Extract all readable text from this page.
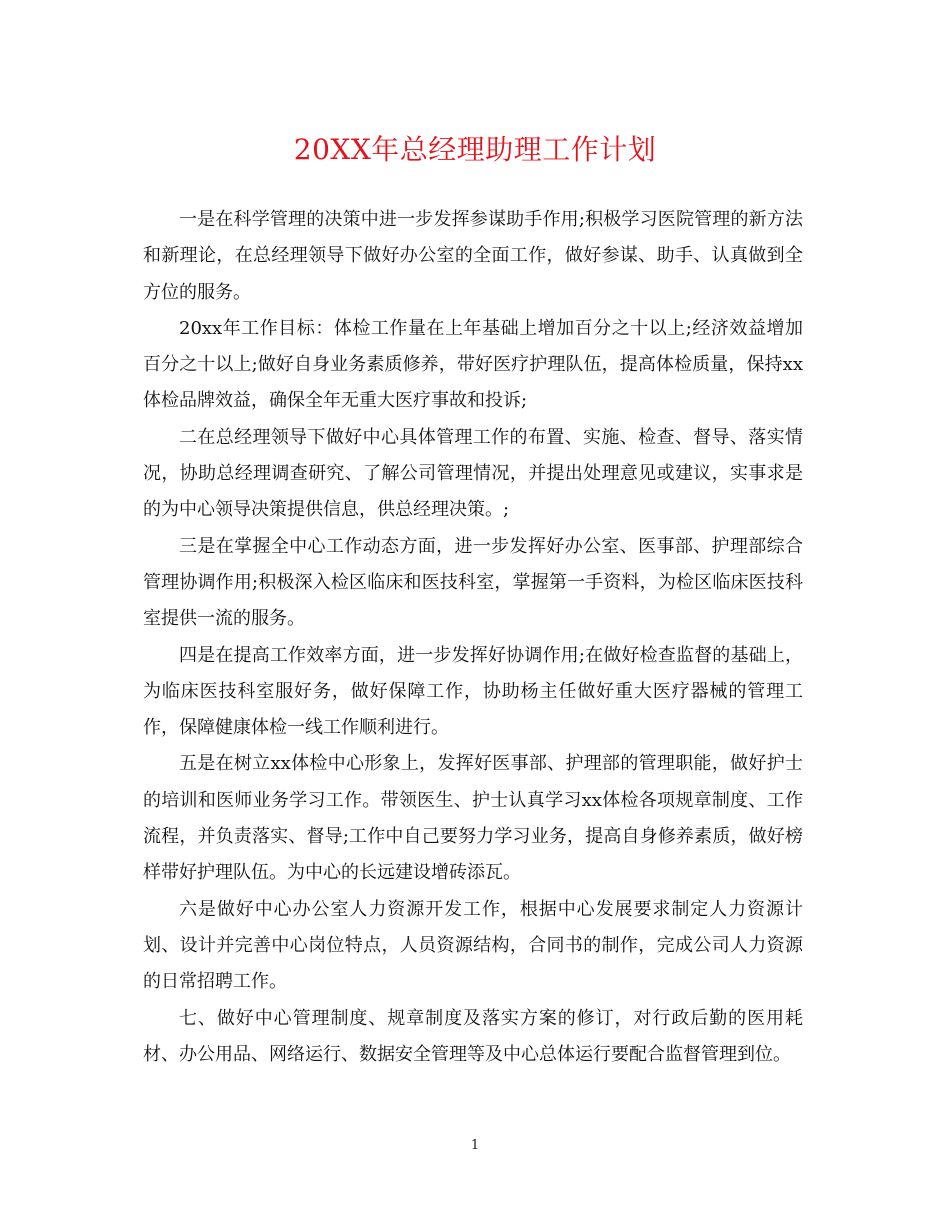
20XX年总经理助理工作计划

一是在科学管理的决策中进一步发挥参谋助手作用;积极学习医院管理的新方法和新理论，在总经理领导下做好办公室的全面工作，做好参谋、助手、认真做到全方位的服务。

20xx年工作目标：体检工作量在上年基础上增加百分之十以上;经济效益增加百分之十以上;做好自身业务素质修养，带好医疗护理队伍，提高体检质量，保持xx体检品牌效益，确保全年无重大医疗事故和投诉;

二在总经理领导下做好中心具体管理工作的布置、实施、检查、督导、落实情况，协助总经理调查研究、了解公司管理情况，并提出处理意见或建议，实事求是的为中心领导决策提供信息，供总经理决策。;

三是在掌握全中心工作动态方面，进一步发挥好办公室、医事部、护理部综合管理协调作用;积极深入检区临床和医技科室，掌握第一手资料，为检区临床医技科室提供一流的服务。

四是在提高工作效率方面，进一步发挥好协调作用;在做好检查监督的基础上，为临床医技科室服好务，做好保障工作，协助杨主任做好重大医疗器械的管理工作，保障健康体检一线工作顺利进行。

五是在树立xx体检中心形象上，发挥好医事部、护理部的管理职能，做好护士的培训和医师业务学习工作。带领医生、护士认真学习xx体检各项规章制度、工作流程，并负责落实、督导;工作中自己要努力学习业务，提高自身修养素质，做好榜样带好护理队伍。为中心的长远建设增砖添瓦。

六是做好中心办公室人力资源开发工作，根据中心发展要求制定人力资源计划、设计并完善中心岗位特点，人员资源结构，合同书的制作，完成公司人力资源的日常招聘工作。

七、做好中心管理制度、规章制度及落实方案的修订，对行政后勤的医用耗材、办公用品、网络运行、数据安全管理等及中心总体运行要配合监督管理到位。

1
